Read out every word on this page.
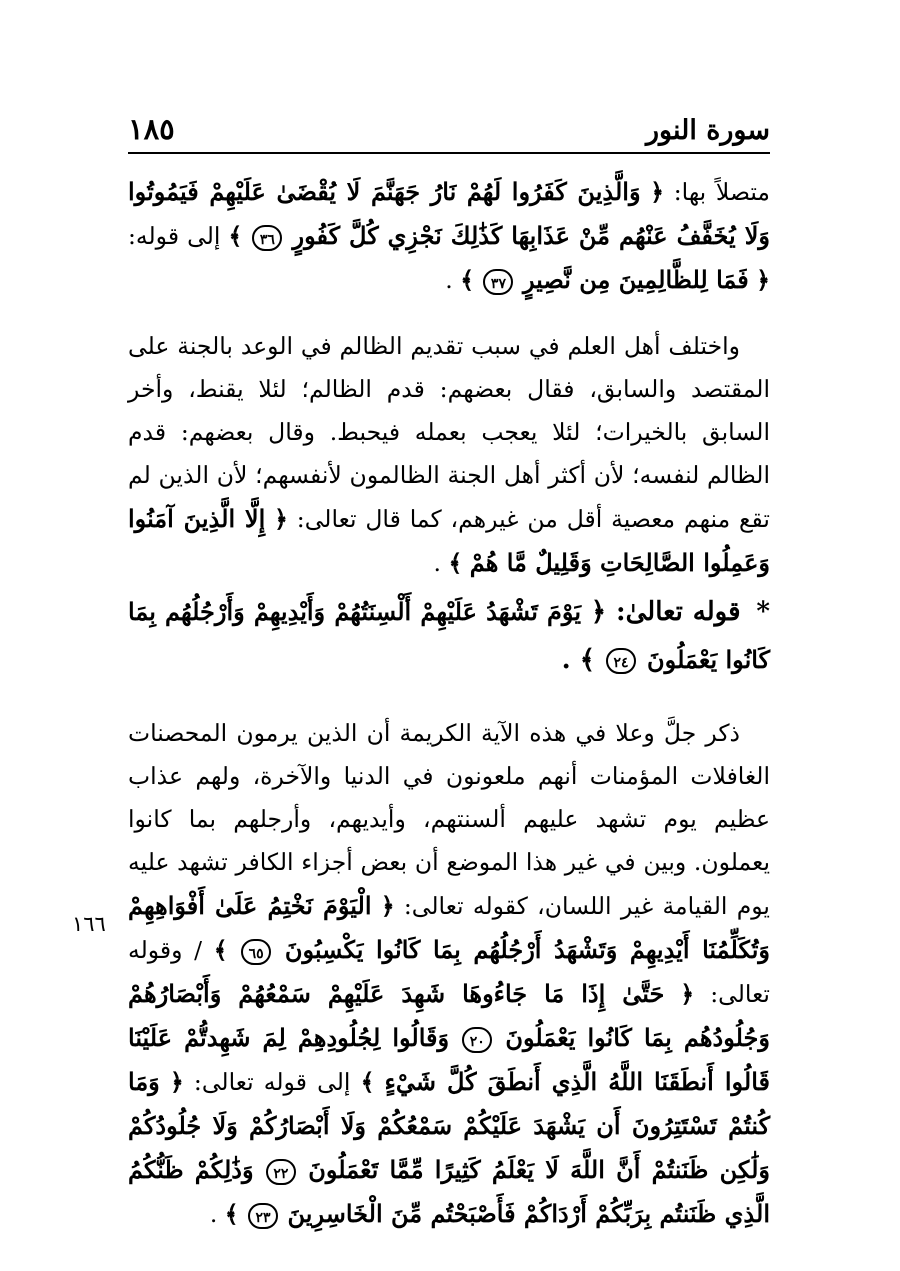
سورة النور
١٨٥
متصلاً بها: ﴿ وَالَّذِينَ كَفَرُوا لَهُمْ نَارُ جَهَنَّمَ لَا يُقْضَىٰ عَلَيْهِمْ فَيَمُوتُوا وَلَا يُخَفَّفُ عَنْهُم مِّنْ عَذَابِهَا كَذَٰلِكَ نَجْزِي كُلَّ كَفُورٍ ٣٦ ﴾ إلى قوله: ﴿ فَمَا لِلظَّالِمِينَ مِن نَّصِيرٍ ٣٧ ﴾ .
واختلف أهل العلم في سبب تقديم الظالم في الوعد بالجنة على المقتصد والسابق، فقال بعضهم: قدم الظالم؛ لئلا يقنط، وأخر السابق بالخيرات؛ لئلا يعجب بعمله فيحبط. وقال بعضهم: قدم الظالم لنفسه؛ لأن أكثر أهل الجنة الظالمون لأنفسهم؛ لأن الذين لم تقع منهم معصية أقل من غيرهم، كما قال تعالى: ﴿ إِلَّا الَّذِينَ آمَنُوا وَعَمِلُوا الصَّالِحَاتِ وَقَلِيلٌ مَّا هُمْ ﴾ .
* قوله تعالىٰ: ﴿ يَوْمَ تَشْهَدُ عَلَيْهِمْ أَلْسِنَتُهُمْ وَأَيْدِيهِمْ وَأَرْجُلُهُم بِمَا كَانُوا يَعْمَلُونَ ٢٤ ﴾ .
ذكر جلَّ وعلا في هذه الآية الكريمة أن الذين يرمون المحصنات الغافلات المؤمنات أنهم ملعونون في الدنيا والآخرة، ولهم عذاب عظيم يوم تشهد عليهم ألسنتهم، وأيديهم، وأرجلهم بما كانوا يعملون. وبين في غير هذا الموضع أن بعض أجزاء الكافر تشهد عليه يوم القيامة غير اللسان، كقوله تعالى: ﴿ الْيَوْمَ نَخْتِمُ عَلَىٰ أَفْوَاهِهِمْ وَتُكَلِّمُنَا أَيْدِيهِمْ وَتَشْهَدُ أَرْجُلُهُم بِمَا كَانُوا يَكْسِبُونَ ٦٥ ﴾ / وقوله تعالى: ﴿ حَتَّىٰ إِذَا مَا جَاءُوهَا شَهِدَ عَلَيْهِمْ سَمْعُهُمْ وَأَبْصَارُهُمْ وَجُلُودُهُم بِمَا كَانُوا يَعْمَلُونَ ٢٠ وَقَالُوا لِجُلُودِهِمْ لِمَ شَهِدتُّمْ عَلَيْنَا قَالُوا أَنطَقَنَا اللَّهُ الَّذِي أَنطَقَ كُلَّ شَيْءٍ ﴾ إلى قوله تعالى: ﴿ وَمَا كُنتُمْ تَسْتَتِرُونَ أَن يَشْهَدَ عَلَيْكُمْ سَمْعُكُمْ وَلَا أَبْصَارُكُمْ وَلَا جُلُودُكُمْ وَلَٰكِن ظَنَنتُمْ أَنَّ اللَّهَ لَا يَعْلَمُ كَثِيرًا مِّمَّا تَعْمَلُونَ ٢٢ وَذَٰلِكُمْ ظَنُّكُمُ الَّذِي ظَنَنتُم بِرَبِّكُمْ أَرْدَاكُمْ فَأَصْبَحْتُم مِّنَ الْخَاسِرِينَ ٢٣ ﴾ .
١٦٦
